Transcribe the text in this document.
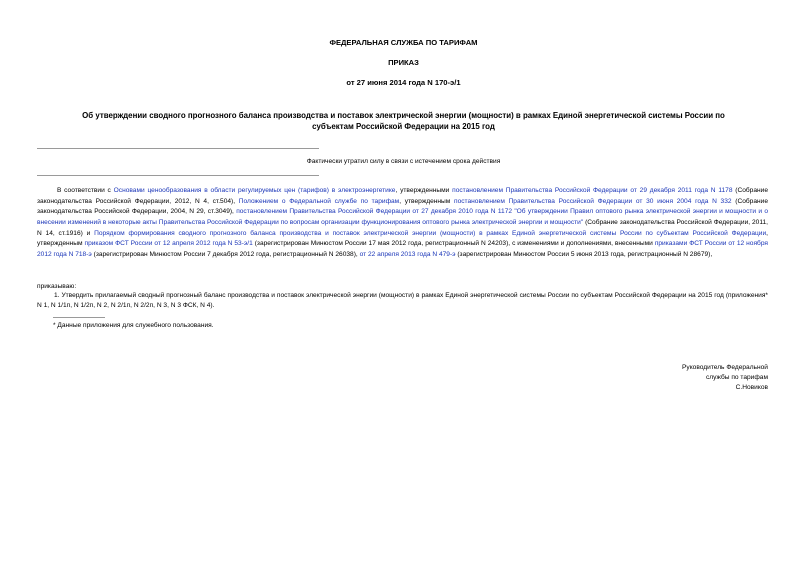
ФЕДЕРАЛЬНАЯ СЛУЖБА ПО ТАРИФАМ
ПРИКАЗ
от 27 июня 2014 года N 170-э/1
Об утверждении сводного прогнозного баланса производства и поставок электрической энергии (мощности) в рамках Единой энергетической системы России по
субъектам Российской Федерации на 2015 год
Фактически утратил силу в связи с истечением срока действия
В соответствии с Основами ценообразования в области регулируемых цен (тарифов) в электроэнергетике, утвержденными постановлением Правительства Российской Федерации от 29 декабря 2011 года N 1178 (Собрание законодательства Российской Федерации, 2012, N 4, ст.504), Положением о Федеральной службе по тарифам, утвержденным постановлением Правительства Российской Федерации от 30 июня 2004 года N 332 (Собрание законодательства Российской Федерации, 2004, N 29, ст.3049), постановлением Правительства Российской Федерации от 27 декабря 2010 года N 1172 "Об утверждении Правил оптового рынка электрической энергии и мощности и о внесении изменений в некоторые акты Правительства Российской Федерации по вопросам организации функционирования оптового рынка электрической энергии и мощности" (Собрание законодательства Российской Федерации, 2011, N 14, ст.1916) и Порядком формирования сводного прогнозного баланса производства и поставок электрической энергии (мощности) в рамках Единой энергетической системы России по субъектам Российской Федерации, утвержденным приказом ФСТ России от 12 апреля 2012 года N 53-э/1 (зарегистрирован Минюстом России 17 мая 2012 года, регистрационный N 24203), с изменениями и дополнениями, внесенными приказами ФСТ России от 12 ноября 2012 года N 718-э (зарегистрирован Минюстом России 7 декабря 2012 года, регистрационный N 26038), от 22 апреля 2013 года N 479-э (зарегистрирован Минюстом России 5 июня 2013 года, регистрационный N 28679),
приказываю:
1. Утвердить прилагаемый сводный прогнозный баланс производства и поставок электрической энергии (мощности) в рамках Единой энергетической системы России по субъектам Российской Федерации на 2015 год (приложения* N 1, N 1/1п, N 1/2п, N 2, N 2/1п, N 2/2п, N 3, N 3 ФСК, N 4).
* Данные приложения для служебного пользования.
Руководитель Федеральной
службы по тарифам
С.Новиков
